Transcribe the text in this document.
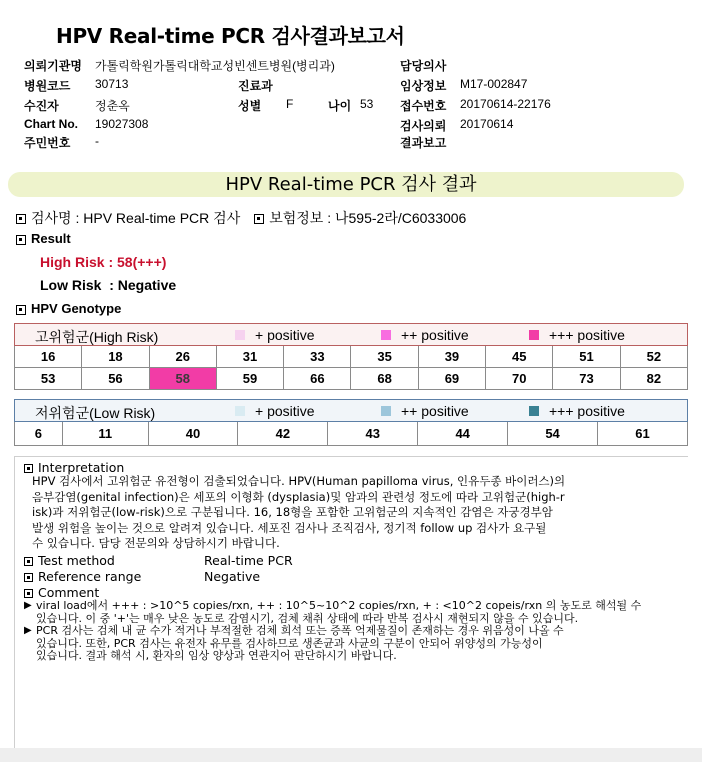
HPV Real-time PCR 검사결과보고서
의뢰기관명 가톨릭학원가톨릭대학교성빈센트병원(병리과)	담당의사
병원코드 30713	진료과	임상정보 M17-002847
수진자	정춘옥	성별 F	나이 53 접수번호 20170614-22176
Chart No. 19027308	검사의뢰 20170614
주민번호 -	결과보고
HPV Real-time PCR 검사 결과
검사명 : HPV Real-time PCR 검사 보험정보 : 나595-2라/C6033006
Result
High Risk : 58(+++)
Low Risk  : Negative
HPV Genotype
고위험군(High Risk) + positive ++ positive +++ positive									

16	18	26	31	33	35	39	45	51	52
53	56	58	59	66	68	69	70	73	82
저위험군(Low Risk)	+ positive	++ positive	+++ positive

6	11	40	42	43	44	54	61
Interpretation
HPV 검사에서 고위험군 유전형이 검출되었습니다. HPV(Human papilloma virus, 인유두종 바이러스)의
음부감염(genital infection)은 세포의 이형화 (dysplasia)및 암과의 관련성 정도에 따라 고위험군(high-r
isk)과 저위험군(low-risk)으로 구분됩니다. 16, 18형을 포함한 고위험군의 지속적인 감염은 자궁경부암
발생 위험을 높이는 것으로 알려져 있습니다. 세포진 검사나 조직검사, 정기적 follow up 검사가 요구될
수 있습니다. 담당 전문의와 상담하시기 바랍니다.
Test method	Real-time PCR
Reference range	Negative
Comment
▶ viral load에서 +++ : >10^5 copies/rxn, ++ : 10^5~10^2 copies/rxn, + : <10^2 copeis/rxn 의 농도로 해석될 수
있습니다. 이 중 '+'는 매우 낮은 농도로 감염시기, 검체 채취 상태에 따라 반복 검사시 재현되지 않을 수 있습니다.
▶ PCR 검사는 검체 내 균 수가 적거나 부적절한 검체 희석 또는 증폭 억제물질이 존재하는 경우 위음성이 나올 수
있습니다. 또한, PCR 검사는 유전자 유무를 검사하므로 생존균과 사균의 구분이 안되어 위양성의 가능성이
있습니다. 결과 해석 시, 환자의 임상 양상과 연관지어 판단하시기 바랍니다.
